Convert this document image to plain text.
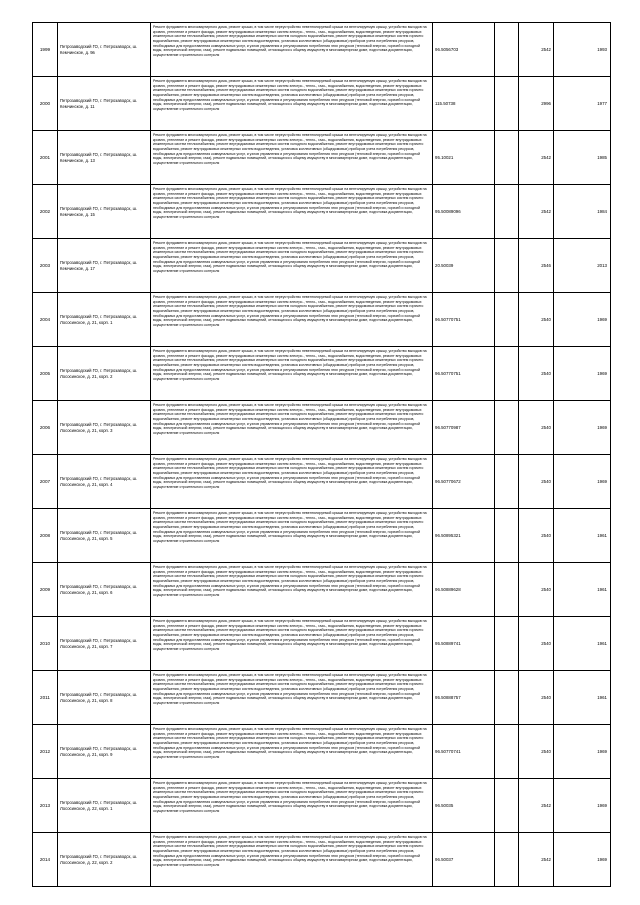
1999	Петрозаводский ГО, г. Петрозаводск, ш. Кемчинское, д. 9в	Ремонт фундамента многоквартирного дома, ремонт крыши, в том числе переустройство невентилируемой крыши на вентилируемую крышу, устройство выходов на кровлю, утепление и ремонт фасада, ремонт внутридомовых инженерных систем электро-, тепло-, газо-, водоснабжения, водоотведения, ремонт внутридомовых инженерных систем теплоснабжения, ремонт внутридомовых инженерных систем холодного водоснабжения, ремонт внутридомовых инженерных систем горячего водоснабжения, ремонт внутридомовых инженерных систем водоотведения, установка коллективных (общедомовых) приборов учета потребления ресурсов, необходимых для предоставления коммунальных услуг, и узлов управления и регулирования потребления этих ресурсов (тепловой энергии, горячей и холодной воды, электрической энергии, газа), ремонт подвальных помещений, относящихся к общему имуществу в многоквартирном доме, подготовка документации, осуществление строительного контроля	96.5056703		2542	1993
2000	Петрозаводский ГО, г. Петрозаводск, ш. Кемчинское, д. 11	Ремонт фундамента многоквартирного дома, ремонт крыши, в том числе переустройство невентилируемой крыши на вентилируемую крышу, устройство выходов на кровлю, утепление и ремонт фасада, ремонт внутридомовых инженерных систем электро-, тепло-, газо-, водоснабжения, водоотведения, ремонт внутридомовых инженерных систем теплоснабжения, ремонт внутридомовых инженерных систем холодного водоснабжения, ремонт внутридомовых инженерных систем горячего водоснабжения, ремонт внутридомовых инженерных систем водоотведения, установка коллективных (общедомовых) приборов учета потребления ресурсов, необходимых для предоставления коммунальных услуг, и узлов управления и регулирования потребления этих ресурсов (тепловой энергии, горячей и холодной воды, электрической энергии, газа), ремонт подвальных помещений, относящихся к общему имуществу в многоквартирном доме, подготовка документации, осуществление строительного контроля	115.50738		2996	1977
2001	Петрозаводский ГО, г. Петрозаводск, ш. Кемчинское, д. 13	Ремонт фундамента многоквартирного дома, ремонт крыши, в том числе переустройство невентилируемой крыши на вентилируемую крышу, устройство выходов на кровлю, утепление и ремонт фасада, ремонт внутридомовых инженерных систем электро-, тепло-, газо-, водоснабжения, водоотведения, ремонт внутридомовых инженерных систем теплоснабжения, ремонт внутридомовых инженерных систем холодного водоснабжения, ремонт внутридомовых инженерных систем горячего водоснабжения, ремонт внутридомовых инженерных систем водоотведения, установка коллективных (общедомовых) приборов учета потребления ресурсов, необходимых для предоставления коммунальных услуг, и узлов управления и регулирования потребления этих ресурсов (тепловой энергии, горячей и холодной воды, электрической энергии, газа), ремонт подвальных помещений, относящихся к общему имуществу в многоквартирном доме, подготовка документации, осуществление строительного контроля	95.10021		2542	1985
2002	Петрозаводский ГО, г. Петрозаводск, ш. Кемчинское, д. 15	Ремонт фундамента многоквартирного дома, ремонт крыши, в том числе переустройство невентилируемой крыши на вентилируемую крышу, устройство выходов на кровлю, утепление и ремонт фасада, ремонт внутридомовых инженерных систем электро-, тепло-, газо-, водоснабжения, водоотведения, ремонт внутридомовых инженерных систем теплоснабжения, ремонт внутридомовых инженерных систем холодного водоснабжения, ремонт внутридомовых инженерных систем горячего водоснабжения, ремонт внутридомовых инженерных систем водоотведения, установка коллективных (общедомовых) приборов учета потребления ресурсов, необходимых для предоставления коммунальных услуг, и узлов управления и регулирования потребления этих ресурсов (тепловой энергии, горячей и холодной воды, электрической энергии, газа), ремонт подвальных помещений, относящихся к общему имуществу в многоквартирном доме, подготовка документации, осуществление строительного контроля	95.50089096		2542	1984
2003	Петрозаводский ГО, г. Петрозаводск, ш. Кемчинское, д. 17	Ремонт фундамента многоквартирного дома, ремонт крыши, в том числе переустройство невентилируемой крыши на вентилируемую крышу, устройство выходов на кровлю, утепление и ремонт фасада, ремонт внутридомовых инженерных систем электро-, тепло-, газо-, водоснабжения, водоотведения, ремонт внутридомовых инженерных систем теплоснабжения, ремонт внутридомовых инженерных систем холодного водоснабжения, ремонт внутридомовых инженерных систем горячего водоснабжения, ремонт внутридомовых инженерных систем водоотведения, установка коллективных (общедомовых) приборов учета потребления ресурсов, необходимых для предоставления коммунальных услуг, и узлов управления и регулирования потребления этих ресурсов (тепловой энергии, горячей и холодной воды, электрической энергии, газа), ремонт подвальных помещений, относящихся к общему имуществу в многоквартирном доме, подготовка документации, осуществление строительного контроля	20.50039		2546	2013
2004	Петрозаводский ГО, г. Петрозаводск, ш. Лососинское, д. 21, корп. 1	Ремонт фундамента многоквартирного дома, ремонт крыши, в том числе переустройство невентилируемой крыши на вентилируемую крышу, устройство выходов на кровлю, утепление и ремонт фасада, ремонт внутридомовых инженерных систем электро-, тепло-, газо-, водоснабжения, водоотведения, ремонт внутридомовых инженерных систем теплоснабжения, ремонт внутридомовых инженерных систем холодного водоснабжения, ремонт внутридомовых инженерных систем горячего водоснабжения, ремонт внутридомовых инженерных систем водоотведения, установка коллективных (общедомовых) приборов учета потребления ресурсов, необходимых для предоставления коммунальных услуг, и узлов управления и регулирования потребления этих ресурсов (тепловой энергии, горячей и холодной воды, электрической энергии, газа), ремонт подвальных помещений, относящихся к общему имуществу в многоквартирном доме, подготовка документации, осуществление строительного контроля	96.50770751		2540	1969
2005	Петрозаводский ГО, г. Петрозаводск, ш. Лососинское, д. 21, корп. 2	Ремонт фундамента многоквартирного дома, ремонт крыши, в том числе переустройство невентилируемой крыши на вентилируемую крышу, устройство выходов на кровлю, утепление и ремонт фасада, ремонт внутридомовых инженерных систем электро-, тепло-, газо-, водоснабжения, водоотведения, ремонт внутридомовых инженерных систем теплоснабжения, ремонт внутридомовых инженерных систем холодного водоснабжения, ремонт внутридомовых инженерных систем горячего водоснабжения, ремонт внутридомовых инженерных систем водоотведения, установка коллективных (общедомовых) приборов учета потребления ресурсов, необходимых для предоставления коммунальных услуг, и узлов управления и регулирования потребления этих ресурсов (тепловой энергии, горячей и холодной воды, электрической энергии, газа), ремонт подвальных помещений, относящихся к общему имуществу в многоквартирном доме, подготовка документации, осуществление строительного контроля	96.50770751		2540	1969
2006	Петрозаводский ГО, г. Петрозаводск, ш. Лососинское, д. 21, корп. 3	Ремонт фундамента многоквартирного дома, ремонт крыши, в том числе переустройство невентилируемой крыши на вентилируемую крышу, устройство выходов на кровлю, утепление и ремонт фасада, ремонт внутридомовых инженерных систем электро-, тепло-, газо-, водоснабжения, водоотведения, ремонт внутридомовых инженерных систем теплоснабжения, ремонт внутридомовых инженерных систем холодного водоснабжения, ремонт внутридомовых инженерных систем горячего водоснабжения, ремонт внутридомовых инженерных систем водоотведения, установка коллективных (общедомовых) приборов учета потребления ресурсов, необходимых для предоставления коммунальных услуг, и узлов управления и регулирования потребления этих ресурсов (тепловой энергии, горячей и холодной воды, электрической энергии, газа), ремонт подвальных помещений, относящихся к общему имуществу в многоквартирном доме, подготовка документации, осуществление строительного контроля	96.50770987		2540	1969
2007	Петрозаводский ГО, г. Петрозаводск, ш. Лососинское, д. 21, корп. 4	Ремонт фундамента многоквартирного дома, ремонт крыши, в том числе переустройство невентилируемой крыши на вентилируемую крышу, устройство выходов на кровлю, утепление и ремонт фасада, ремонт внутридомовых инженерных систем электро-, тепло-, газо-, водоснабжения, водоотведения, ремонт внутридомовых инженерных систем теплоснабжения, ремонт внутридомовых инженерных систем холодного водоснабжения, ремонт внутридомовых инженерных систем горячего водоснабжения, ремонт внутридомовых инженерных систем водоотведения, установка коллективных (общедомовых) приборов учета потребления ресурсов, необходимых для предоставления коммунальных услуг, и узлов управления и регулирования потребления этих ресурсов (тепловой энергии, горячей и холодной воды, электрической энергии, газа), ремонт подвальных помещений, относящихся к общему имуществу в многоквартирном доме, подготовка документации, осуществление строительного контроля	96.50770672		2540	1969
2008	Петрозаводский ГО, г. Петрозаводск, ш. Лососинское, д. 21, корп. 5	Ремонт фундамента многоквартирного дома, ремонт крыши, в том числе переустройство невентилируемой крыши на вентилируемую крышу, устройство выходов на кровлю, утепление и ремонт фасада, ремонт внутридомовых инженерных систем электро-, тепло-, газо-, водоснабжения, водоотведения, ремонт внутридомовых инженерных систем теплоснабжения, ремонт внутридомовых инженерных систем холодного водоснабжения, ремонт внутридомовых инженерных систем горячего водоснабжения, ремонт внутридомовых инженерных систем водоотведения, установка коллективных (общедомовых) приборов учета потребления ресурсов, необходимых для предоставления коммунальных услуг, и узлов управления и регулирования потребления этих ресурсов (тепловой энергии, горячей и холодной воды, электрической энергии, газа), ремонт подвальных помещений, относящихся к общему имуществу в многоквартирном доме, подготовка документации, осуществление строительного контроля	96.50895321		2540	1961
2009	Петрозаводский ГО, г. Петрозаводск, ш. Лососинское, д. 21, корп. 6	Ремонт фундамента многоквартирного дома, ремонт крыши, в том числе переустройство невентилируемой крыши на вентилируемую крышу, устройство выходов на кровлю, утепление и ремонт фасада, ремонт внутридомовых инженерных систем электро-, тепло-, газо-, водоснабжения, водоотведения, ремонт внутридомовых инженерных систем теплоснабжения, ремонт внутридомовых инженерных систем холодного водоснабжения, ремонт внутридомовых инженерных систем горячего водоснабжения, ремонт внутридомовых инженерных систем водоотведения, установка коллективных (общедомовых) приборов учета потребления ресурсов, необходимых для предоставления коммунальных услуг, и узлов управления и регулирования потребления этих ресурсов (тепловой энергии, горячей и холодной воды, электрической энергии, газа), ремонт подвальных помещений, относящихся к общему имуществу в многоквартирном доме, подготовка документации, осуществление строительного контроля	96.50889628		2540	1961
2010	Петрозаводский ГО, г. Петрозаводск, ш. Лососинское, д. 21, корп. 7	Ремонт фундамента многоквартирного дома, ремонт крыши, в том числе переустройство невентилируемой крыши на вентилируемую крышу, устройство выходов на кровлю, утепление и ремонт фасада, ремонт внутридомовых инженерных систем электро-, тепло-, газо-, водоснабжения, водоотведения, ремонт внутридомовых инженерных систем теплоснабжения, ремонт внутридомовых инженерных систем холодного водоснабжения, ремонт внутридомовых инженерных систем горячего водоснабжения, ремонт внутридомовых инженерных систем водоотведения, установка коллективных (общедомовых) приборов учета потребления ресурсов, необходимых для предоставления коммунальных услуг, и узлов управления и регулирования потребления этих ресурсов (тепловой энергии, горячей и холодной воды, электрической энергии, газа), ремонт подвальных помещений, относящихся к общему имуществу в многоквартирном доме, подготовка документации, осуществление строительного контроля	95.50889741		2540	1961
2011	Петрозаводский ГО, г. Петрозаводск, ш. Лососинское, д. 21, корп. 8	Ремонт фундамента многоквартирного дома, ремонт крыши, в том числе переустройство невентилируемой крыши на вентилируемую крышу, устройство выходов на кровлю, утепление и ремонт фасада, ремонт внутридомовых инженерных систем электро-, тепло-, газо-, водоснабжения, водоотведения, ремонт внутридомовых инженерных систем теплоснабжения, ремонт внутридомовых инженерных систем холодного водоснабжения, ремонт внутридомовых инженерных систем горячего водоснабжения, ремонт внутридомовых инженерных систем водоотведения, установка коллективных (общедомовых) приборов учета потребления ресурсов, необходимых для предоставления коммунальных услуг, и узлов управления и регулирования потребления этих ресурсов (тепловой энергии, горячей и холодной воды, электрической энергии, газа), ремонт подвальных помещений, относящихся к общему имуществу в многоквартирном доме, подготовка документации, осуществление строительного контроля	95.50888757		2540	1961
2012	Петрозаводский ГО, г. Петрозаводск, ш. Лососинское, д. 21, корп. 9	Ремонт фундамента многоквартирного дома, ремонт крыши, в том числе переустройство невентилируемой крыши на вентилируемую крышу, устройство выходов на кровлю, утепление и ремонт фасада, ремонт внутридомовых инженерных систем электро-, тепло-, газо-, водоснабжения, водоотведения, ремонт внутридомовых инженерных систем теплоснабжения, ремонт внутридомовых инженерных систем холодного водоснабжения, ремонт внутридомовых инженерных систем горячего водоснабжения, ремонт внутридомовых инженерных систем водоотведения, установка коллективных (общедомовых) приборов учета потребления ресурсов, необходимых для предоставления коммунальных услуг, и узлов управления и регулирования потребления этих ресурсов (тепловой энергии, горячей и холодной воды, электрической энергии, газа), ремонт подвальных помещений, относящихся к общему имуществу в многоквартирном доме, подготовка документации, осуществление строительного контроля	96.50770741		2540	1969
2013	Петрозаводский ГО, г. Петрозаводск, ш. Лососинское, д. 22, корп. 1	Ремонт фундамента многоквартирного дома, ремонт крыши, в том числе переустройство невентилируемой крыши на вентилируемую крышу, устройство выходов на кровлю, утепление и ремонт фасада, ремонт внутридомовых инженерных систем электро-, тепло-, газо-, водоснабжения, водоотведения, ремонт внутридомовых инженерных систем теплоснабжения, ремонт внутридомовых инженерных систем холодного водоснабжения, ремонт внутридомовых инженерных систем горячего водоснабжения, ремонт внутридомовых инженерных систем водоотведения, установка коллективных (общедомовых) приборов учета потребления ресурсов, необходимых для предоставления коммунальных услуг, и узлов управления и регулирования потребления этих ресурсов (тепловой энергии, горячей и холодной воды, электрической энергии, газа), ремонт подвальных помещений, относящихся к общему имуществу в многоквартирном доме, подготовка документации, осуществление строительного контроля	96.50035		2542	1969
2014	Петрозаводский ГО, г. Петрозаводск, ш. Лососинское, д. 22, корп. 2	Ремонт фундамента многоквартирного дома, ремонт крыши, в том числе переустройство невентилируемой крыши на вентилируемую крышу, устройство выходов на кровлю, утепление и ремонт фасада, ремонт внутридомовых инженерных систем электро-, тепло-, газо-, водоснабжения, водоотведения, ремонт внутридомовых инженерных систем теплоснабжения, ремонт внутридомовых инженерных систем холодного водоснабжения, ремонт внутридомовых инженерных систем горячего водоснабжения, ремонт внутридомовых инженерных систем водоотведения, установка коллективных (общедомовых) приборов учета потребления ресурсов, необходимых для предоставления коммунальных услуг, и узлов управления и регулирования потребления этих ресурсов (тепловой энергии, горячей и холодной воды, электрической энергии, газа), ремонт подвальных помещений, относящихся к общему имуществу в многоквартирном доме, подготовка документации, осуществление строительного контроля	96.50037		2542	1969
